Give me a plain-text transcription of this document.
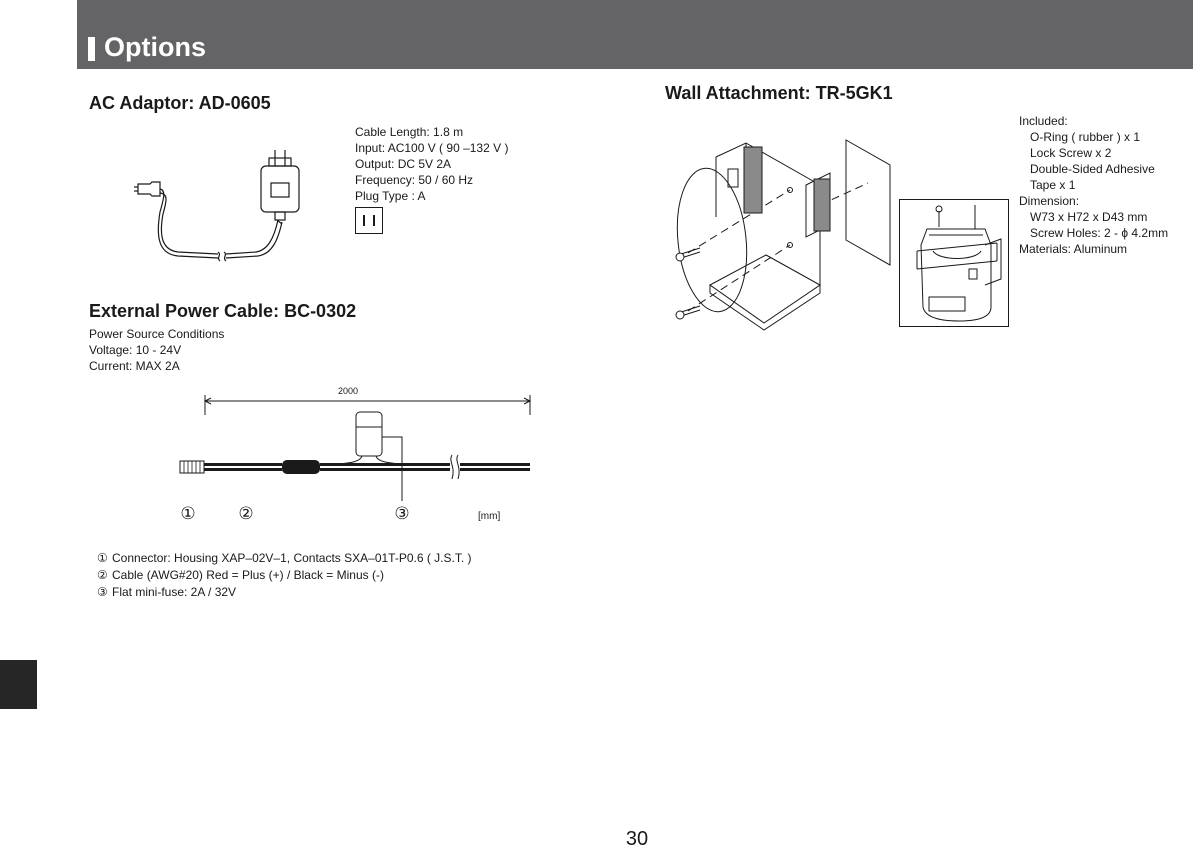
Options
AC Adaptor: AD-0605
Cable Length: 1.8 m
Input: AC100 V ( 90 –132 V )
Output: DC 5V 2A
Frequency: 50 / 60 Hz
Plug Type : A
External Power Cable: BC-0302
Power Source Conditions
Voltage: 10 - 24V
Current: MAX 2A
2000
①	②	③	[mm]
① Connector: Housing XAP–02V–1, Contacts SXA–01T-P0.6 ( J.S.T. )
② Cable (AWG#20) Red = Plus (+) / Black = Minus (-)
③ Flat mini-fuse: 2A / 32V
Wall Attachment: TR-5GK1
Included:
O-Ring ( rubber ) x 1
Lock Screw x 2
Double-Sided Adhesive
Tape x 1
Dimension:
W73 x H72 x D43 mm
Screw Holes: 2 - ϕ 4.2mm
Materials: Aluminum
30
